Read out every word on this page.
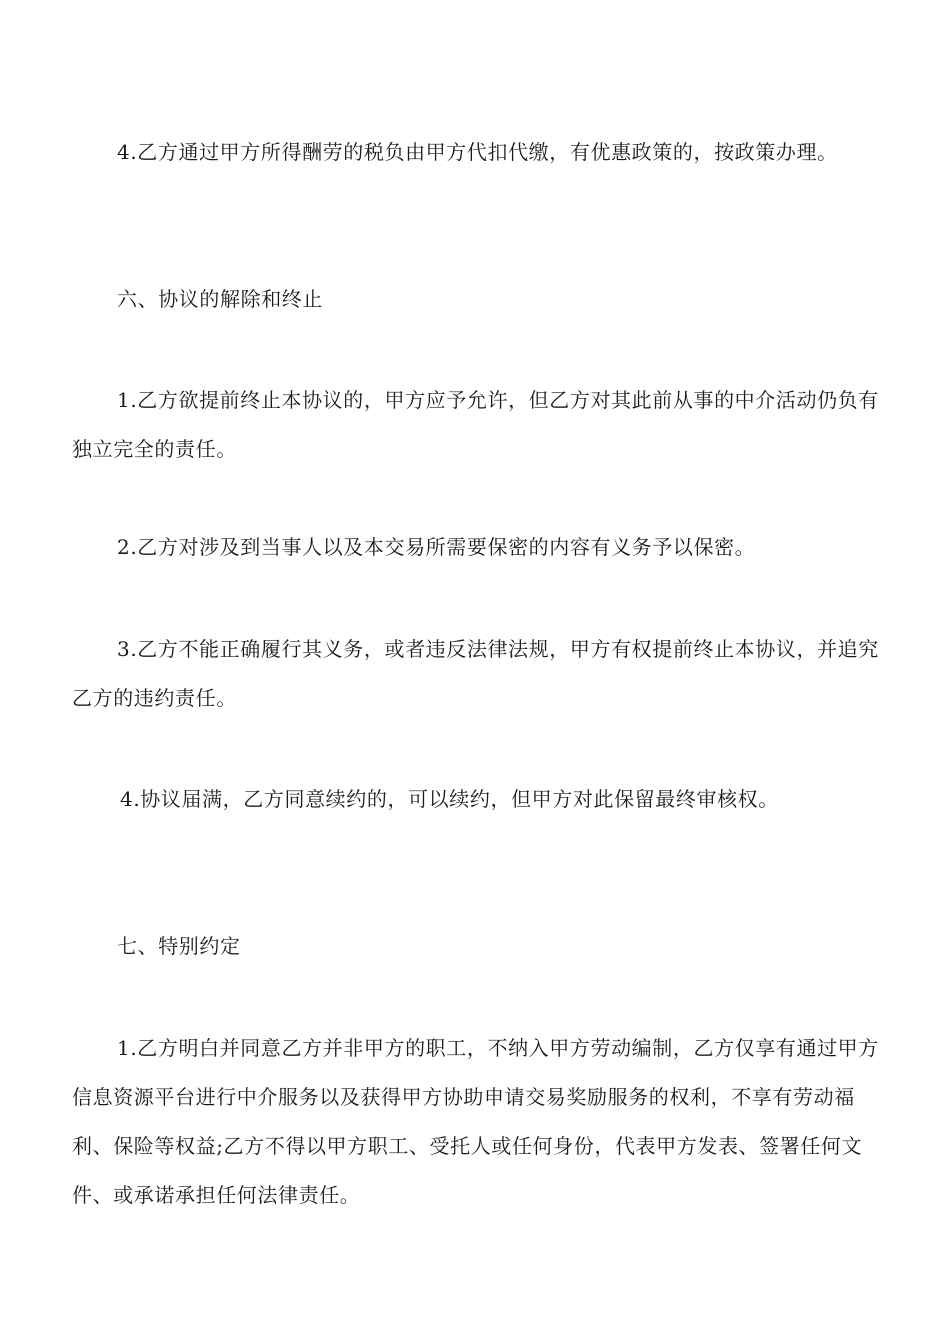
4.乙方通过甲方所得酬劳的税负由甲方代扣代缴，有优惠政策的，按政策办理。

六、协议的解除和终止

1.乙方欲提前终止本协议的，甲方应予允许，但乙方对其此前从事的中介活动仍负有独立完全的责任。

2.乙方对涉及到当事人以及本交易所需要保密的内容有义务予以保密。

3.乙方不能正确履行其义务，或者违反法律法规，甲方有权提前终止本协议，并追究乙方的违约责任。

4.协议届满，乙方同意续约的，可以续约，但甲方对此保留最终审核权。

七、特别约定

1.乙方明白并同意乙方并非甲方的职工，不纳入甲方劳动编制，乙方仅享有通过甲方信息资源平台进行中介服务以及获得甲方协助申请交易奖励服务的权利，不享有劳动福利、保险等权益;乙方不得以甲方职工、受托人或任何身份，代表甲方发表、签署任何文件、或承诺承担任何法律责任。
